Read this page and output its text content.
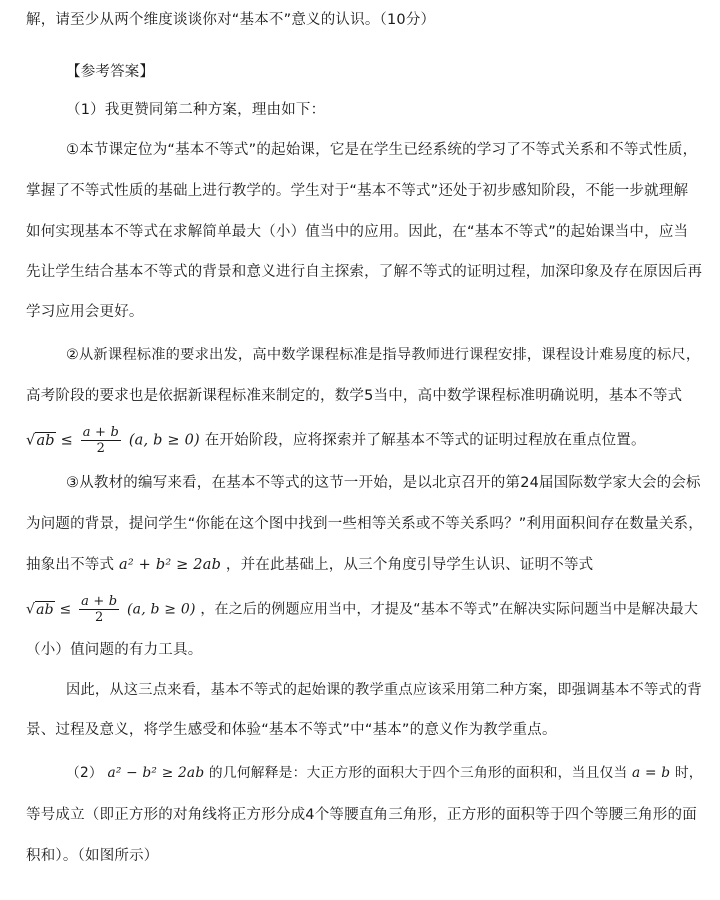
解，请至少从两个维度谈谈你对“基本不”意义的认识。（10分）
【参考答案】
（1）我更赞同第二种方案，理由如下：
①本节课定位为“基本不等式”的起始课，它是在学生已经系统的学习了不等式关系和不等式性质，
掌握了不等式性质的基础上进行教学的。学生对于“基本不等式”还处于初步感知阶段，不能一步就理解
如何实现基本不等式在求解简单最大（小）值当中的应用。因此，在“基本不等式”的起始课当中，应当
先让学生结合基本不等式的背景和意义进行自主探索，了解不等式的证明过程，加深印象及存在原因后再
学习应用会更好。
②从新课程标准的要求出发，高中数学课程标准是指导教师进行课程安排，课程设计难易度的标尺，
高考阶段的要求也是依据新课程标准来制定的，数学5当中，高中数学课程标准明确说明，基本不等式
$√ab \le \frac{a + b}{2} (a$, b ≥ 0) 在开始阶段，应将探索并了解基本不等式的证明过程放在重点位置。
③从教材的编写来看，在基本不等式的这节一开始，是以北京召开的第24届国际数学家大会的会标
为问题的背景，提问学生“你能在这个图中找到一些相等关系或不等关系吗？”利用面积间存在数量关系，
抽象出不等式 a² + b² ≥ 2ab ，并在此基础上，从三个角度引导学生认识、证明不等式
$√ab \le \frac{a + b}{2} (a$, b ≥ 0) ，在之后的例题应用当中，才提及“基本不等式”在解决实际问题当中是解决最大
（小）值问题的有力工具。
因此，从这三点来看，基本不等式的起始课的教学重点应该采用第二种方案，即强调基本不等式的背
景、过程及意义，将学生感受和体验“基本不等式”中“基本”的意义作为教学重点。
（2） a² − b² ≥ 2ab 的几何解释是：大正方形的面积大于四个三角形的面积和，当且仅当 a = b 时，
等号成立（即正方形的对角线将正方形分成4个等腰直角三角形，正方形的面积等于四个等腰三角形的面
积和）。（如图所示）
